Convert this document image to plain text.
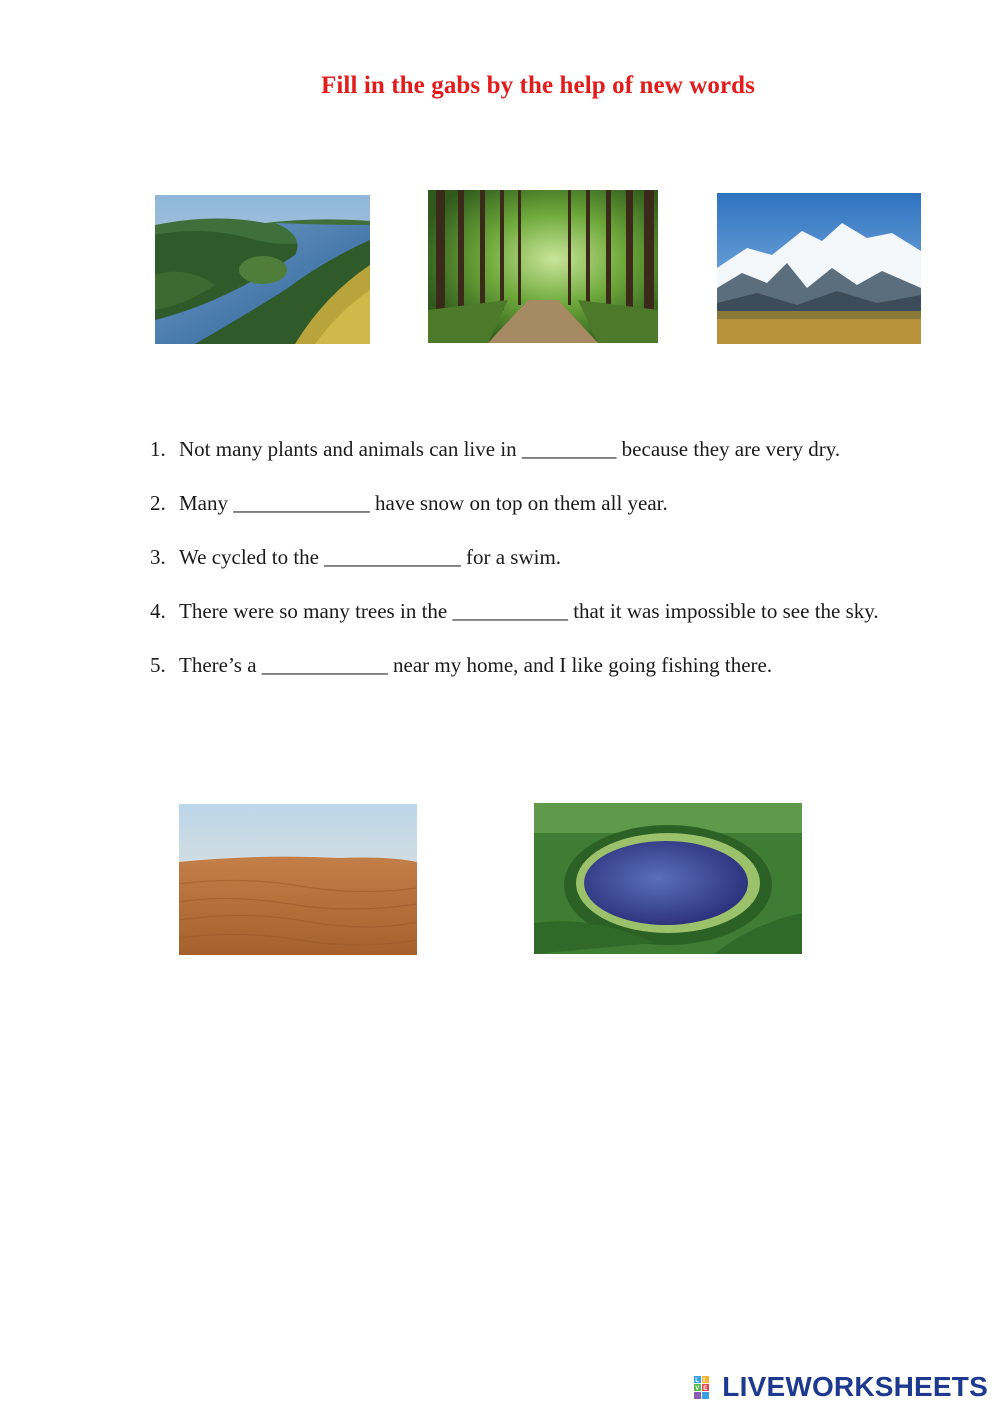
Fill in the gabs by the help of new words
1. Not many plants and animals can live in _________ because they are very dry.
2. Many _____________ have snow on top on them all year.
3. We cycled to the _____________ for a swim.
4. There were so many trees in the ___________ that it was impossible to see the sky.
5. There’s a ____________ near my home, and I like going fishing there.
L I
V E LIVEWORKSHEETS
